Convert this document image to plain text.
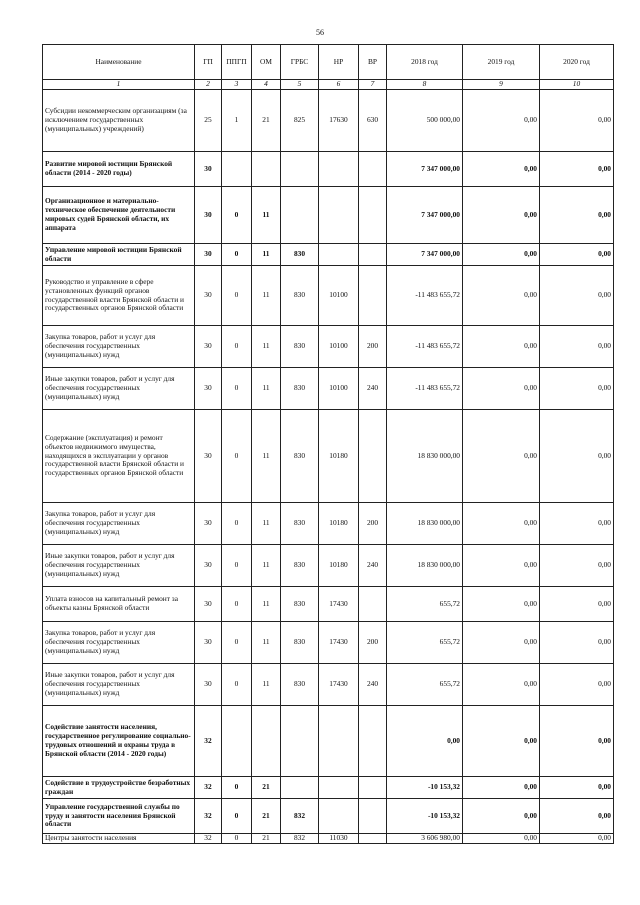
56
Наименование	ГП	ППГП	ОМ	ГРБС	НР	ВР	2018 год	2019 год	2020 год
1	2	3	4	5	6	7	8	9	10
Субсидии некоммерческим организациям (за исключением государственных (муниципальных) учреждений)	25	1	21	825	17630	630	500 000,00	0,00	0,00
Развитие мировой юстиции Брянской области (2014 - 2020 годы)	30						7 347 000,00	0,00	0,00
Организационное и материально-техническое обеспечение деятельности мировых судей Брянской области, их аппарата	30	0	11				7 347 000,00	0,00	0,00
Управление мировой юстиции Брянской области	30	0	11	830			7 347 000,00	0,00	0,00
Руководство и управление в сфере установленных функций органов государственной власти Брянской области и государственных органов Брянской области	30	0	11	830	10100		-11 483 655,72	0,00	0,00
Закупка товаров, работ и услуг для обеспечения государственных (муниципальных) нужд	30	0	11	830	10100	200	-11 483 655,72	0,00	0,00
Иные закупки товаров, работ и услуг для обеспечения государственных (муниципальных) нужд	30	0	11	830	10100	240	-11 483 655,72	0,00	0,00
Содержание (эксплуатация) и ремонт объектов недвижимого имущества, находящихся в эксплуатации у органов государственной власти Брянской области и государственных органов Брянской области	30	0	11	830	10180		18 830 000,00	0,00	0,00
Закупка товаров, работ и услуг для обеспечения государственных (муниципальных) нужд	30	0	11	830	10180	200	18 830 000,00	0,00	0,00
Иные закупки товаров, работ и услуг для обеспечения государственных (муниципальных) нужд	30	0	11	830	10180	240	18 830 000,00	0,00	0,00
Уплата взносов на капитальный ремонт за объекты казны Брянской области	30	0	11	830	17430		655,72	0,00	0,00
Закупка товаров, работ и услуг для обеспечения государственных (муниципальных) нужд	30	0	11	830	17430	200	655,72	0,00	0,00
Иные закупки товаров, работ и услуг для обеспечения государственных (муниципальных) нужд	30	0	11	830	17430	240	655,72	0,00	0,00
Содействие занятости населения, государственное регулирование социально-трудовых отношений и охраны труда в Брянской области (2014 - 2020 годы)	32						0,00	0,00	0,00
Содействие в трудоустройстве безработных граждан	32	0	21				-10 153,32	0,00	0,00
Управление государственной службы по труду и занятости населения Брянской области	32	0	21	832			-10 153,32	0,00	0,00
Центры занятости населения	32	0	21	832	11030		3 606 980,00	0,00	0,00
